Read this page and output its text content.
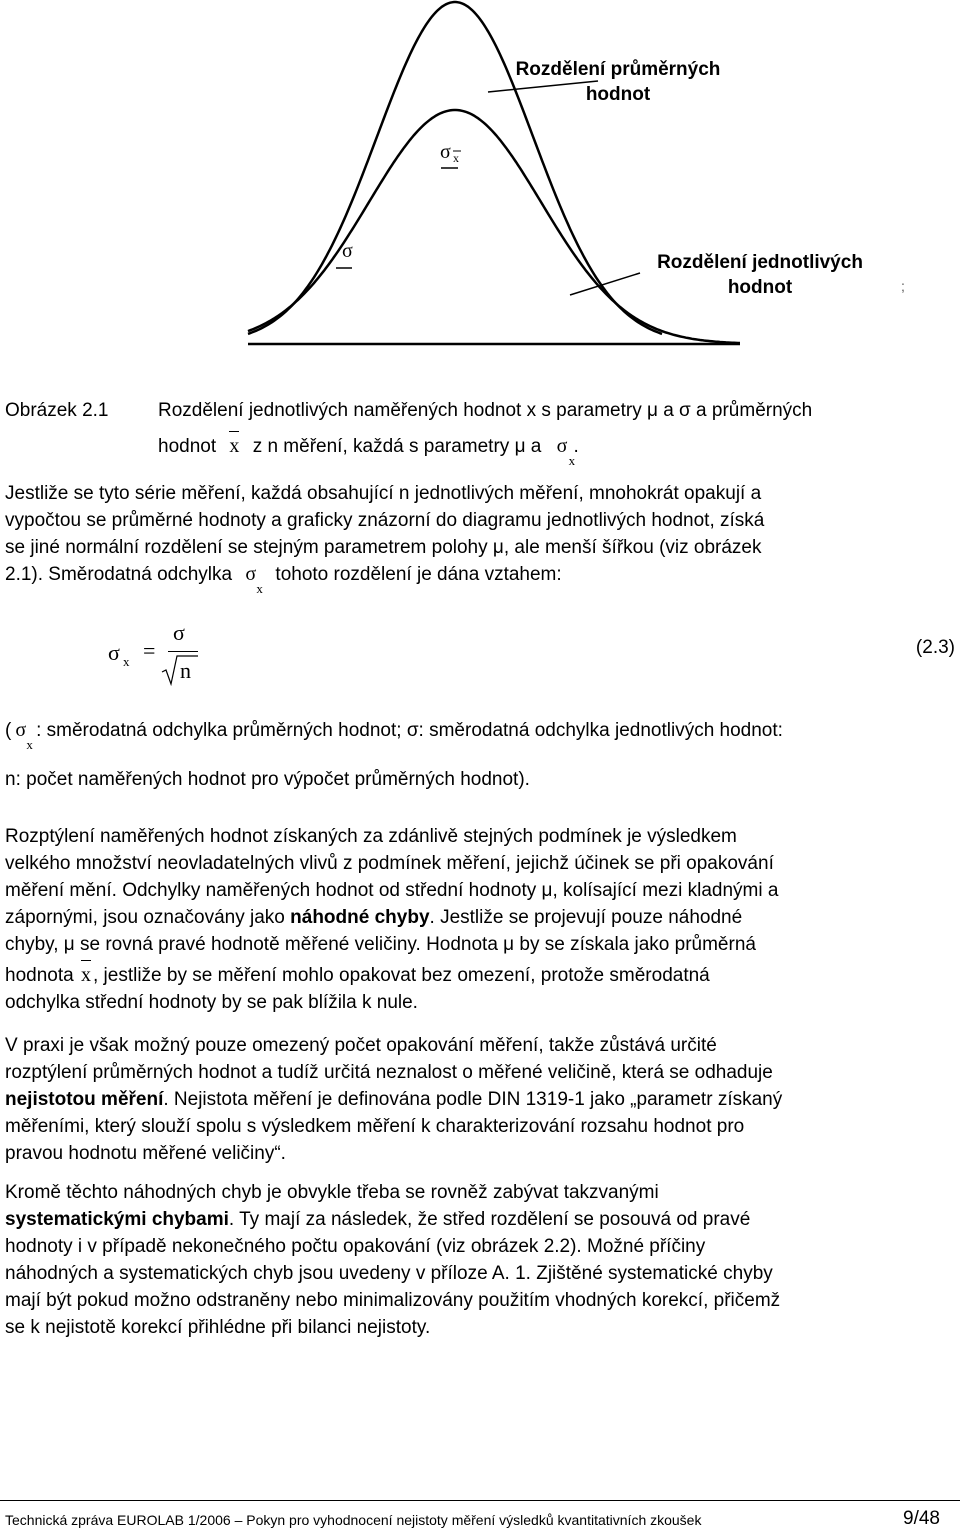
σ
σ x
;
Rozdělení průměrných hodnot
Rozdělení jednotlivých hodnot
Obrázek 2.1	Rozdělení jednotlivých naměřených hodnot x s parametry μ a σ a průměrných
hodnot x z n měření, každá s parametry μ a σ
x
.
Jestliže se tyto série měření, každá obsahující n jednotlivých měření, mnohokrát opakují a
vypočtou se průměrné hodnoty a graficky znázorní do diagramu jednotlivých hodnot, získá
se jiné normální rozdělení se stejným parametrem polohy μ, ale menší šířkou (viz obrázek
2.1). Směrodatná odchylka σ
x
tohoto rozdělení je dána vztahem:
σ x =
σ
n
(2.3)
( σ
x
: směrodatná odchylka průměrných hodnot; σ: směrodatná odchylka jednotlivých hodnot:
n: počet naměřených hodnot pro výpočet průměrných hodnot).
Rozptýlení naměřených hodnot získaných za zdánlivě stejných podmínek je výsledkem
velkého množství neovladatelných vlivů z podmínek měření, jejichž účinek se při opakování
měření mění. Odchylky naměřených hodnot od střední hodnoty μ, kolísající mezi kladnými a
zápornými, jsou označovány jako náhodné chyby. Jestliže se projevují pouze náhodné
chyby, μ se rovná pravé hodnotě měřené veličiny. Hodnota μ by se získala jako průměrná
hodnota x , jestliže by se měření mohlo opakovat bez omezení, protože směrodatná
odchylka střední hodnoty by se pak blížila k nule.
V praxi je však možný pouze omezený počet opakování měření, takže zůstává určité
rozptýlení průměrných hodnot a tudíž určitá neznalost o měřené veličině, která se odhaduje
nejistotou měření. Nejistota měření je definována podle DIN 1319-1 jako „parametr získaný
měřeními, který slouží spolu s výsledkem měření k charakterizování rozsahu hodnot pro
pravou hodnotu měřené veličiny“.
Kromě těchto náhodných chyb je obvykle třeba se rovněž zabývat takzvanými
systematickými chybami. Ty mají za následek, že střed rozdělení se posouvá od pravé
hodnoty i v případě nekonečného počtu opakování (viz obrázek 2.2). Možné příčiny
náhodných a systematických chyb jsou uvedeny v příloze A. 1. Zjištěné systematické chyby
mají být pokud možno odstraněny nebo minimalizovány použitím vhodných korekcí, přičemž
se k nejistotě korekcí přihlédne při bilanci nejistoty.
Technická zpráva EUROLAB 1/2006 – Pokyn pro vyhodnocení nejistoty měření výsledků kvantitativních zkoušek	9/48
